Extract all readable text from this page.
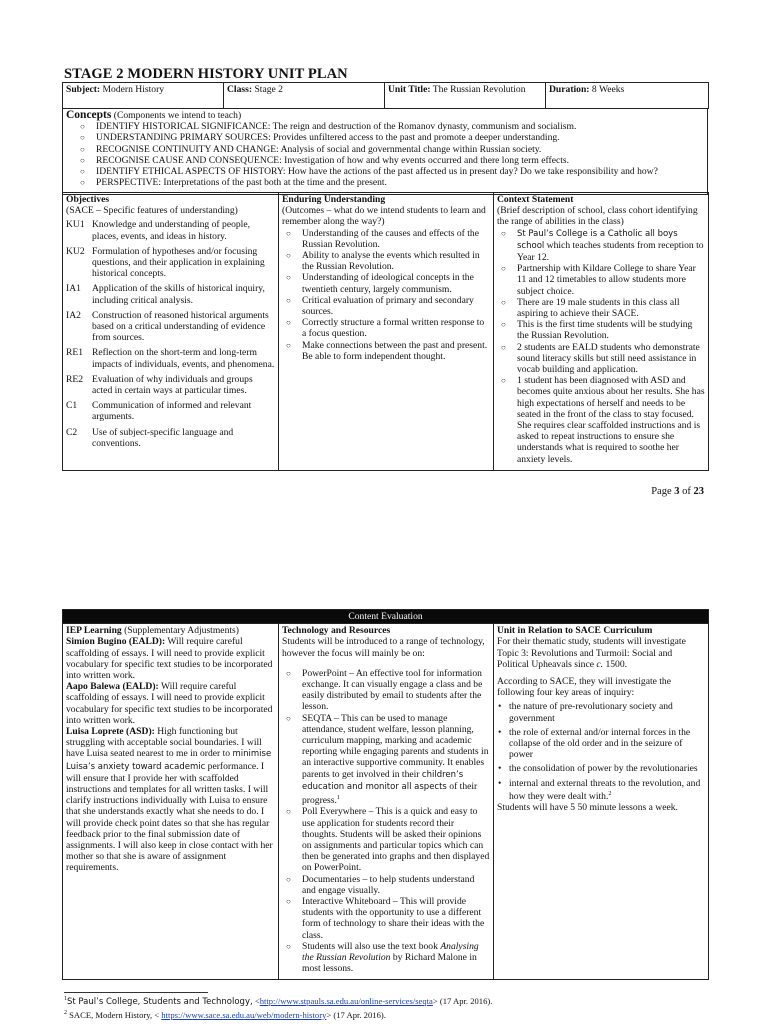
STAGE 2 MODERN HISTORY UNIT PLAN
Subject: Modern History	Class: Stage 2	Unit Title: The Russian Revolution	Duration: 8 Weeks
Concepts (Components we intend to teach)
○ IDENTIFY HISTORICAL SIGNIFICANCE: The reign and destruction of the Romanov dynasty, communism and socialism.
○ UNDERSTANDING PRIMARY SOURCES: Provides unfiltered access to the past and promote a deeper understanding.
○ RECOGNISE CONTINUITY AND CHANGE: Analysis of social and governmental change within Russian society.
○ RECOGNISE CAUSE AND CONSEQUENCE: Investigation of how and why events occurred and there long term effects.
○ IDENTIFY ETHICAL ASPECTS OF HISTORY: How have the actions of the past affected us in present day? Do we take responsibility and how?
○ PERSPECTIVE: Interpretations of the past both at the time and the present.
Objectives
(SACE – Specific features of understanding)
KU1 Knowledge and understanding of people, places, events, and ideas in history.
KU2 Formulation of hypotheses and/or focusing questions, and their application in explaining historical concepts.
IA1	Application of the skills of historical inquiry, including critical analysis.
IA2	Construction of reasoned historical arguments based on a critical understanding of evidence from sources.
RE1 Reflection on the short-term and long-term impacts of individuals, events, and phenomena.
RE2 Evaluation of why individuals and groups acted in certain ways at particular times.
C1	Communication of informed and relevant arguments.
C2	Use of subject-specific language and conventions.

Enduring Understanding
(Outcomes – what do we intend students to learn and remember along the way?)
○ Understanding of the causes and effects of the Russian Revolution.
○ Ability to analyse the events which resulted in the Russian Revolution.
○ Understanding of ideological concepts in the twentieth century, largely communism.
○ Critical evaluation of primary and secondary sources.
○ Correctly structure a formal written response to a focus question.
○ Make connections between the past and present. Be able to form independent thought.

Context Statement
(Brief description of school, class cohort identifying the range of abilities in the class)
○ St Paul’s College is a Catholic all boys school which teaches students from reception to Year 12.
○ Partnership with Kildare College to share Year 11 and 12 timetables to allow students more subject choice.
○ There are 19 male students in this class all aspiring to achieve their SACE.
○ This is the first time students will be studying the Russian Revolution.
○ 2 students are EALD students who demonstrate sound literacy skills but still need assistance in vocab building and application.
○ 1 student has been diagnosed with ASD and becomes quite anxious about her results. She has high expectations of herself and needs to be seated in the front of the class to stay focused. She requires clear scaffolded instructions and is asked to repeat instructions to ensure she understands what is required to soothe her anxiety levels.
Page 3 of 23
Content Evaluation

IEP Learning (Supplementary Adjustments)

Simion Bugino (EALD): Will require careful scaffolding of essays. I will need to provide explicit vocabulary for specific text studies to be incorporated into written work.

Aapo Balewa (EALD): Will require careful scaffolding of essays. I will need to provide explicit vocabulary for specific text studies to be incorporated into written work.

Luisa Loprete (ASD): High functioning but struggling with acceptable social boundaries. I will have Luisa seated nearest to me in order to minimise Luisa’s anxiety toward academic performance. I will ensure that I provide her with scaffolded instructions and templates for all written tasks. I will clarify instructions individually with Luisa to ensure that she understands exactly what she needs to do. I will provide check point dates so that she has regular feedback prior to the final submission date of assignments. I will also keep in close contact with her mother so that she is aware of assignment requirements.

Technology and Resources

Students will be introduced to a range of technology, however the focus will mainly be on:

○ PowerPoint – An effective tool for information exchange. It can visually engage a class and be easily distributed by email to students after the lesson.
○ SEQTA – This can be used to manage attendance, student welfare, lesson planning, curriculum mapping, marking and academic reporting while engaging parents and students in an interactive supportive community. It enables parents to get involved in their children’s education and monitor all aspects of their progress.$^1$
○ Poll Everywhere – This is a quick and easy to use application for students record their thoughts. Students will be asked their opinions on assignments and particular topics which can then be generated into graphs and then displayed on PowerPoint.
○ Documentaries – to help students understand and engage visually.
○ Interactive Whiteboard – This will provide students with the opportunity to use a different form of technology to share their ideas with the class.
○ Students will also use the text book Analysing the Russian Revolution by Richard Malone in most lessons.

Unit in Relation to SACE Curriculum

For their thematic study, students will investigate Topic 3: Revolutions and Turmoil: Social and Political Upheavals since c. 1500.

According to SACE, they will investigate the following four key areas of inquiry:

• the nature of pre-revolutionary society and government
• the role of external and/or internal forces in the collapse of the old order and in the seizure of power
• the consolidation of power by the revolutionaries
• internal and external threats to the revolution, and how they were dealt with.$^2$

Students will have 5 50 minute lessons a week.

$^1$St Paul’s College, Students and Technology, <http://www.stpauls.sa.edu.au/online-services/seqta> (17 Apr. 2016).
$^2$ SACE, Modern History, < https://www.sace.sa.edu.au/web/modern-history> (17 Apr. 2016).
